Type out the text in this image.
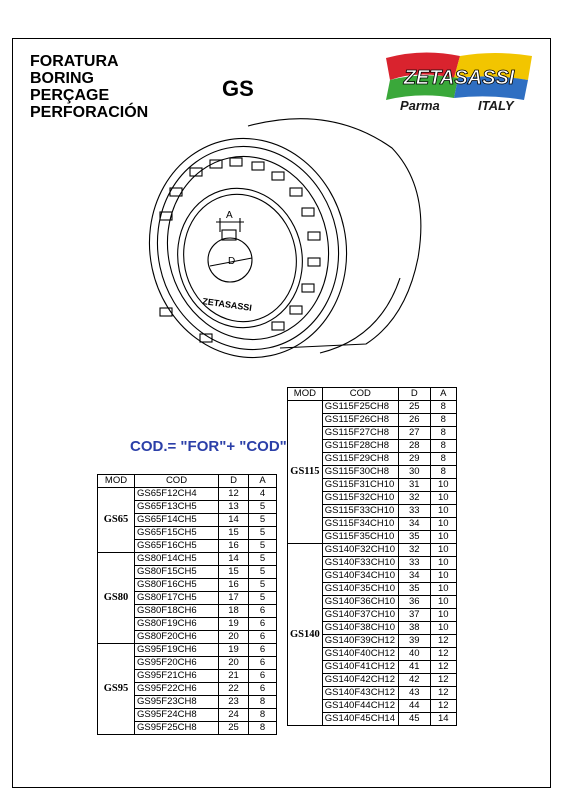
FORATURA
BORING
PERÇAGE
PERFORACIÓN
GS	ZETASASSI
Parma	ITALY
A
D
ZETASASSI
COD.= "FOR"+ "COD"
MOD	COD	D	A
GS65	GS65F12CH4	12	4
	GS65F13CH5	13	5
	GS65F14CH5	14	5
	GS65F15CH5	15	5
	GS65F16CH5	16	5
GS80	GS80F14CH5	14	5
	GS80F15CH5	15	5
	GS80F16CH5	16	5
	GS80F17CH5	17	5
	GS80F18CH6	18	6
	GS80F19CH6	19	6
	GS80F20CH6	20	6
GS95	GS95F19CH6	19	6
	GS95F20CH6	20	6
	GS95F21CH6	21	6
	GS95F22CH6	22	6
	GS95F23CH8	23	8
	GS95F24CH8	24	8
	GS95F25CH8	25	8
MOD	COD	D	A
GS115	GS115F25CH8	25	8
	GS115F26CH8	26	8
	GS115F27CH8	27	8
	GS115F28CH8	28	8
	GS115F29CH8	29	8
	GS115F30CH8	30	8
	GS115F31CH10	31	10
	GS115F32CH10	32	10
	GS115F33CH10	33	10
	GS115F34CH10	34	10
	GS115F35CH10	35	10
GS140	GS140F32CH10	32	10
	GS140F33CH10	33	10
	GS140F34CH10	34	10
	GS140F35CH10	35	10
	GS140F36CH10	36	10
	GS140F37CH10	37	10
	GS140F38CH10	38	10
	GS140F39CH12	39	12
	GS140F40CH12	40	12
	GS140F41CH12	41	12
	GS140F42CH12	42	12
	GS140F43CH12	43	12
	GS140F44CH12	44	12
	GS140F45CH14	45	14
